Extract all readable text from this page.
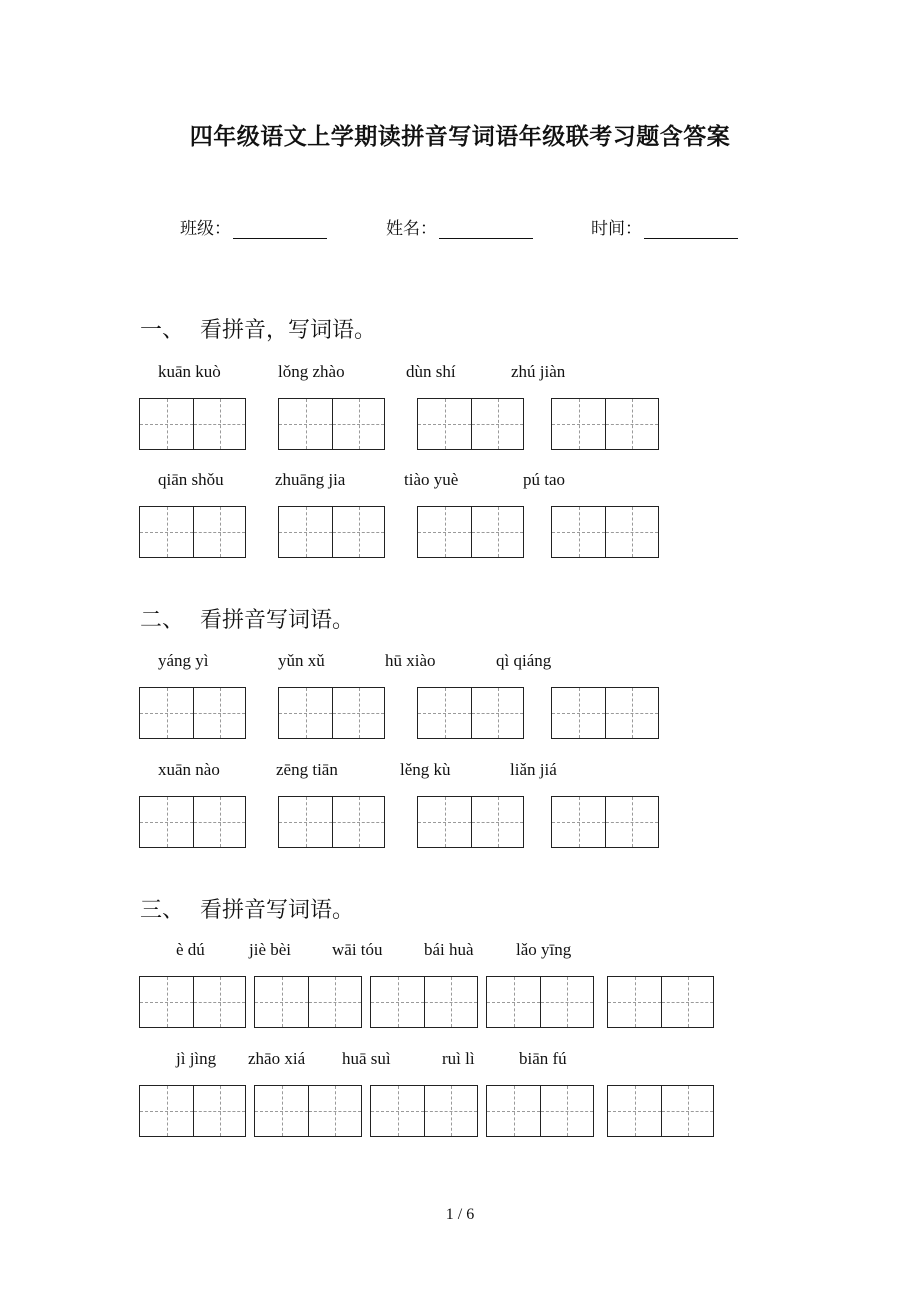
四年级语文上学期读拼音写词语年级联考习题含答案
班级：	姓名：	时间：
一、 看拼音，写词语。
kuān kuò	lǒng zhào	dùn shí	zhú jiàn
qiān shǒu	zhuāng jia	tiào yuè	pú tao
二、 看拼音写词语。
yáng yì	yǔn xǔ	hū xiào	qì qiáng
xuān nào	zēng tiān	lěng kù	liǎn jiá
三、 看拼音写词语。
è dú	jiè bèi wāi tóu bái huà lǎo yīng
jì jìng zhāo xiá huā suì	ruì lì	biān fú
1 / 6
